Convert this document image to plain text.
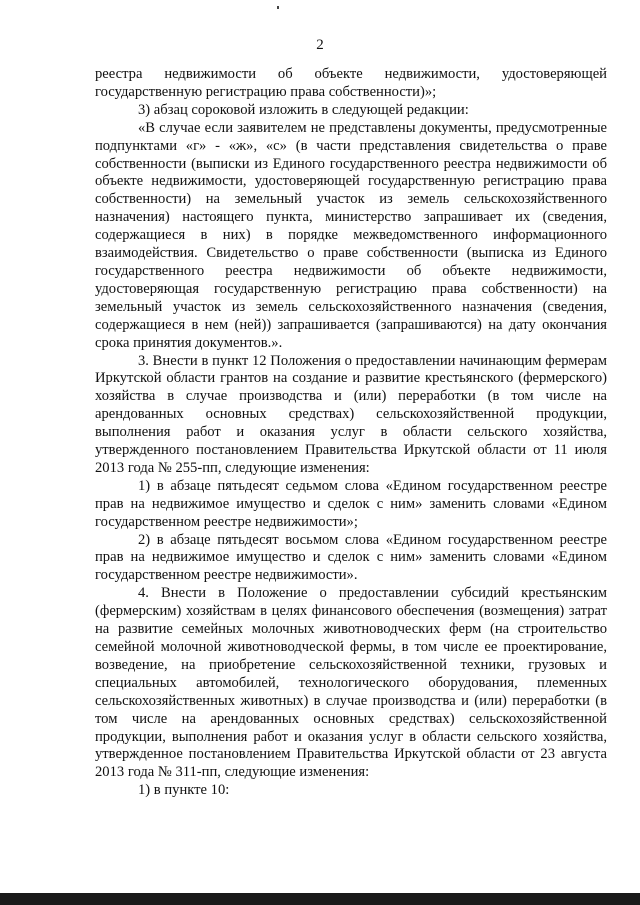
2

реестра недвижимости об объекте недвижимости, удостоверяющей государственную регистрацию права собственности)»;

3) абзац сороковой изложить в следующей редакции:

«В случае если заявителем не представлены документы, предусмотренные подпунктами «г» - «ж», «с» (в части представления свидетельства о праве собственности (выписки из Единого государственного реестра недвижимости об объекте недвижимости, удостоверяющей государственную регистрацию права собственности) на земельный участок из земель сельскохозяйственного назначения) настоящего пункта, министерство запрашивает их (сведения, содержащиеся в них) в порядке межведомственного информационного взаимодействия. Свидетельство о праве собственности (выписка из Единого государственного реестра недвижимости об объекте недвижимости, удостоверяющая государственную регистрацию права собственности) на земельный участок из земель сельскохозяйственного назначения (сведения, содержащиеся в нем (ней)) запрашивается (запрашиваются) на дату окончания срока принятия документов.».

3. Внести в пункт 12 Положения о предоставлении начинающим фермерам Иркутской области грантов на создание и развитие крестьянского (фермерского) хозяйства в случае производства и (или) переработки (в том числе на арендованных основных средствах) сельскохозяйственной продукции, выполнения работ и оказания услуг в области сельского хозяйства, утвержденного постановлением Правительства Иркутской области от 11 июля 2013 года № 255-пп, следующие изменения:

1) в абзаце пятьдесят седьмом слова «Едином государственном реестре прав на недвижимое имущество и сделок с ним» заменить словами «Едином государственном реестре недвижимости»;

2) в абзаце пятьдесят восьмом слова «Едином государственном реестре прав на недвижимое имущество и сделок с ним» заменить словами «Едином государственном реестре недвижимости».

4. Внести в Положение о предоставлении субсидий крестьянским (фермерским) хозяйствам в целях финансового обеспечения (возмещения) затрат на развитие семейных молочных животноводческих ферм (на строительство семейной молочной животноводческой фермы, в том числе ее проектирование, возведение, на приобретение сельскохозяйственной техники, грузовых и специальных автомобилей, технологического оборудования, племенных сельскохозяйственных животных) в случае производства и (или) переработки (в том числе на арендованных основных средствах) сельскохозяйственной продукции, выполнения работ и оказания услуг в области сельского хозяйства, утвержденное постановлением Правительства Иркутской области от 23 августа 2013 года № 311-пп, следующие изменения:

1) в пункте 10:
